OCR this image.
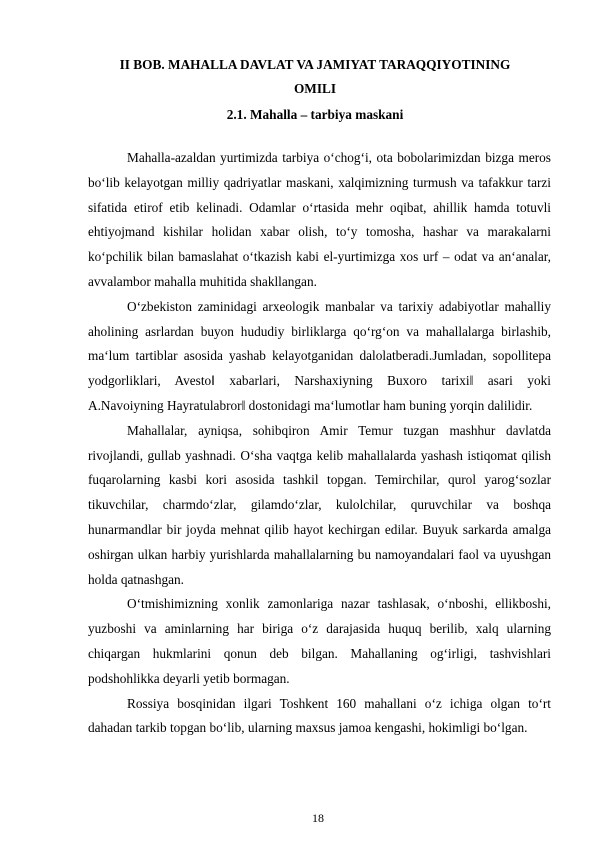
II BOB. MAHALLA DAVLAT VA JAMIYAT TARAQQIYOTINING
OMILI
2.1. Mahalla – tarbiya maskani

Mahalla-azaldan yurtimizda tarbiya o‘chog‘i, ota bobolarimizdan bizga meros bo‘lib kelayotgan milliy qadriyatlar maskani, xalqimizning turmush va tafakkur tarzi sifatida etirof etib kelinadi. Odamlar o‘rtasida mehr oqibat, ahillik hamda totuvli ehtiyojmand kishilar holidan xabar olish, to‘y tomosha, hashar va marakalarni ko‘pchilik bilan bamaslahat o‘tkazish kabi el-yurtimizga xos urf – odat va an‘analar, avvalambor mahalla muhitida shakllangan.

O‘zbekiston zaminidagi arxeologik manbalar va tarixiy adabiyotlar mahalliy aholining asrlardan buyon hududiy birliklarga qo‘rg‘on va mahallalarga birlashib, ma‘lum tartiblar asosida yashab kelayotganidan dalolatberadi.Jumladan, sopollitepa yodgorliklari, Avesto‖ xabarlari, Narshaxiyning Buxoro tarixi‖ asari yoki A.Navoiyning Hayratulabror‖ dostonidagi ma‘lumotlar ham buning yorqin dalilidir.

Mahallalar, ayniqsa, sohibqiron Amir Temur tuzgan mashhur davlatda rivojlandi, gullab yashnadi. O‘sha vaqtga kelib mahallalarda yashash istiqomat qilish fuqarolarning kasbi kori asosida tashkil topgan. Temirchilar, qurol yarog‘sozlar tikuvchilar, charmdo‘zlar, gilamdo‘zlar, kulolchilar, quruvchilar va boshqa hunarmandlar bir joyda mehnat qilib hayot kechirgan edilar. Buyuk sarkarda amalga oshirgan ulkan harbiy yurishlarda mahallalarning bu namoyandalari faol va uyushgan holda qatnashgan.

O‘tmishimizning xonlik zamonlariga nazar tashlasak, o‘nboshi, ellikboshi, yuzboshi va aminlarning har biriga o‘z darajasida huquq berilib, xalq ularning chiqargan hukmlarini qonun deb bilgan. Mahallaning og‘irligi, tashvishlari podshohlikka deyarli yetib bormagan.

Rossiya bosqinidan ilgari Toshkent 160 mahallani o‘z ichiga olgan to‘rt dahadan tarkib topgan bo‘lib, ularning maxsus jamoa kengashi, hokimligi bo‘lgan.

18
